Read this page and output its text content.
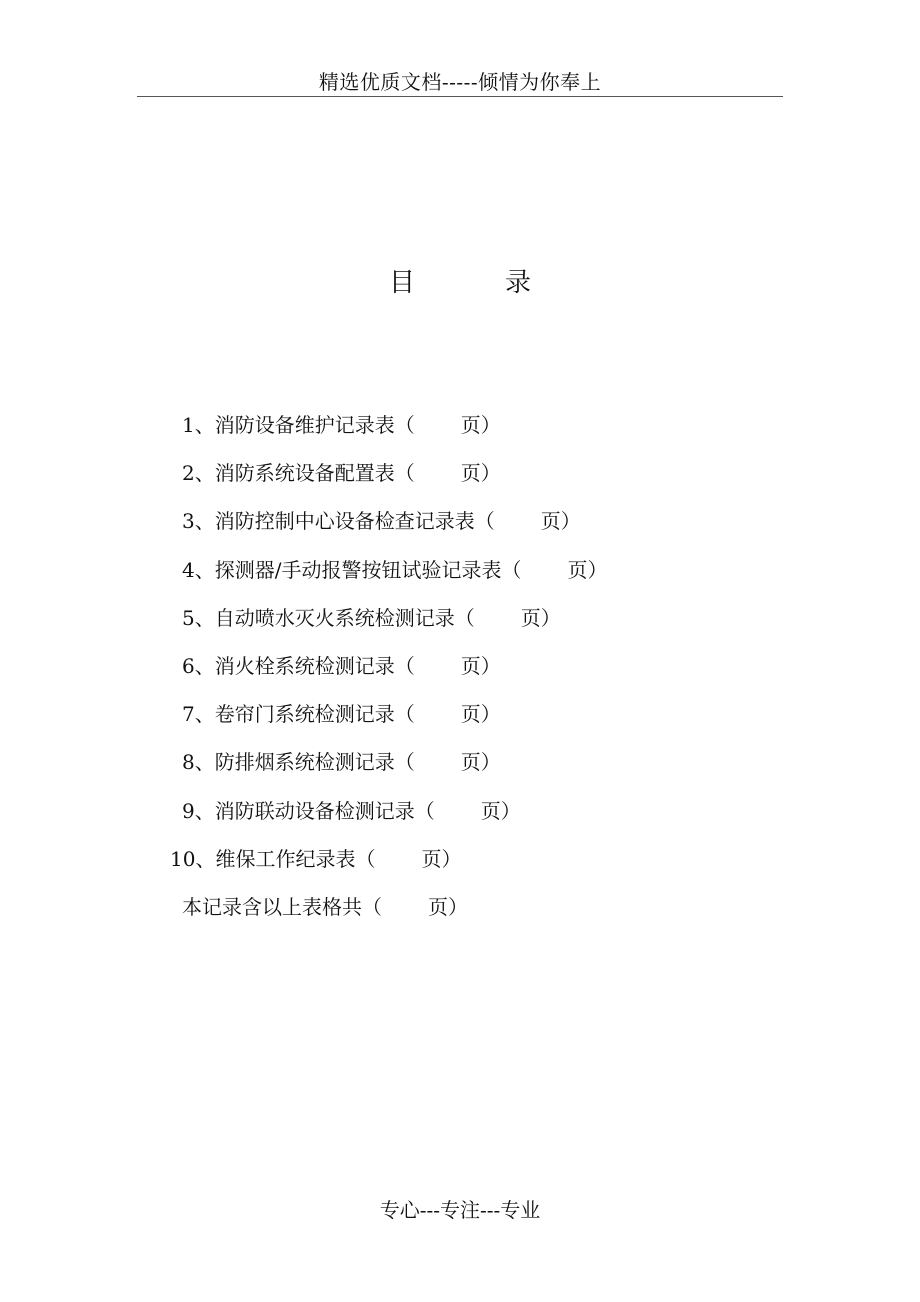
精选优质文档-----倾情为你奉上
目	录
1、消防设备维护记录表（ 页）
2、消防系统设备配置表（ 页）
3、消防控制中心设备检查记录表（ 页）
4、探测器/手动报警按钮试验记录表（ 页）
5、自动喷水灭火系统检测记录（ 页）
6、消火栓系统检测记录（ 页）
7、卷帘门系统检测记录（ 页）
8、防排烟系统检测记录（ 页）
9、消防联动设备检测记录（ 页）
10、维保工作纪录表（ 页）
本记录含以上表格共（ 页）
专心---专注---专业
